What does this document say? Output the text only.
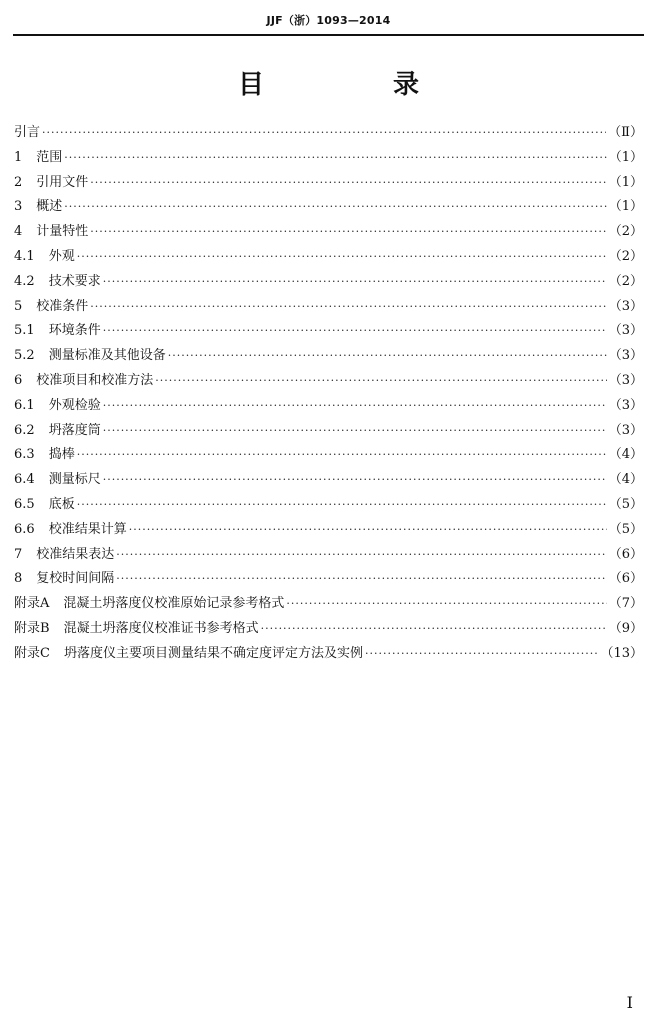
JJF（浙）1093—2014
目 录
引言 ·····	（Ⅱ）
1 范围 ·····	（1）
2 引用文件 ·····	（1）
3 概述 ·····	（1）
4 计量特性 ·····	（2）
4.1 外观 ·····	（2）
4.2 技术要求 ·····	（2）
5 校准条件 ·····	（3）
5.1 环境条件 ·····	（3）
5.2 测量标准及其他设备 ·····	（3）
6 校准项目和校准方法 ·····	（3）
6.1 外观检验 ·····	（3）
6.2 坍落度筒 ·····	（3）
6.3 捣棒 ·····	（4）
6.4 测量标尺 ·····	（4）
6.5 底板 ·····	（5）
6.6 校准结果计算 ·····	（5）
7 校准结果表达 ·····	（6）
8 复校时间间隔 ·····	（6）
附录A 混凝土坍落度仪校准原始记录参考格式 ·····	（7）
附录B 混凝土坍落度仪校准证书参考格式 ·····	（9）
附录C 坍落度仪主要项目测量结果不确定度评定方法及实例 ·····	（13）
Ⅰ
